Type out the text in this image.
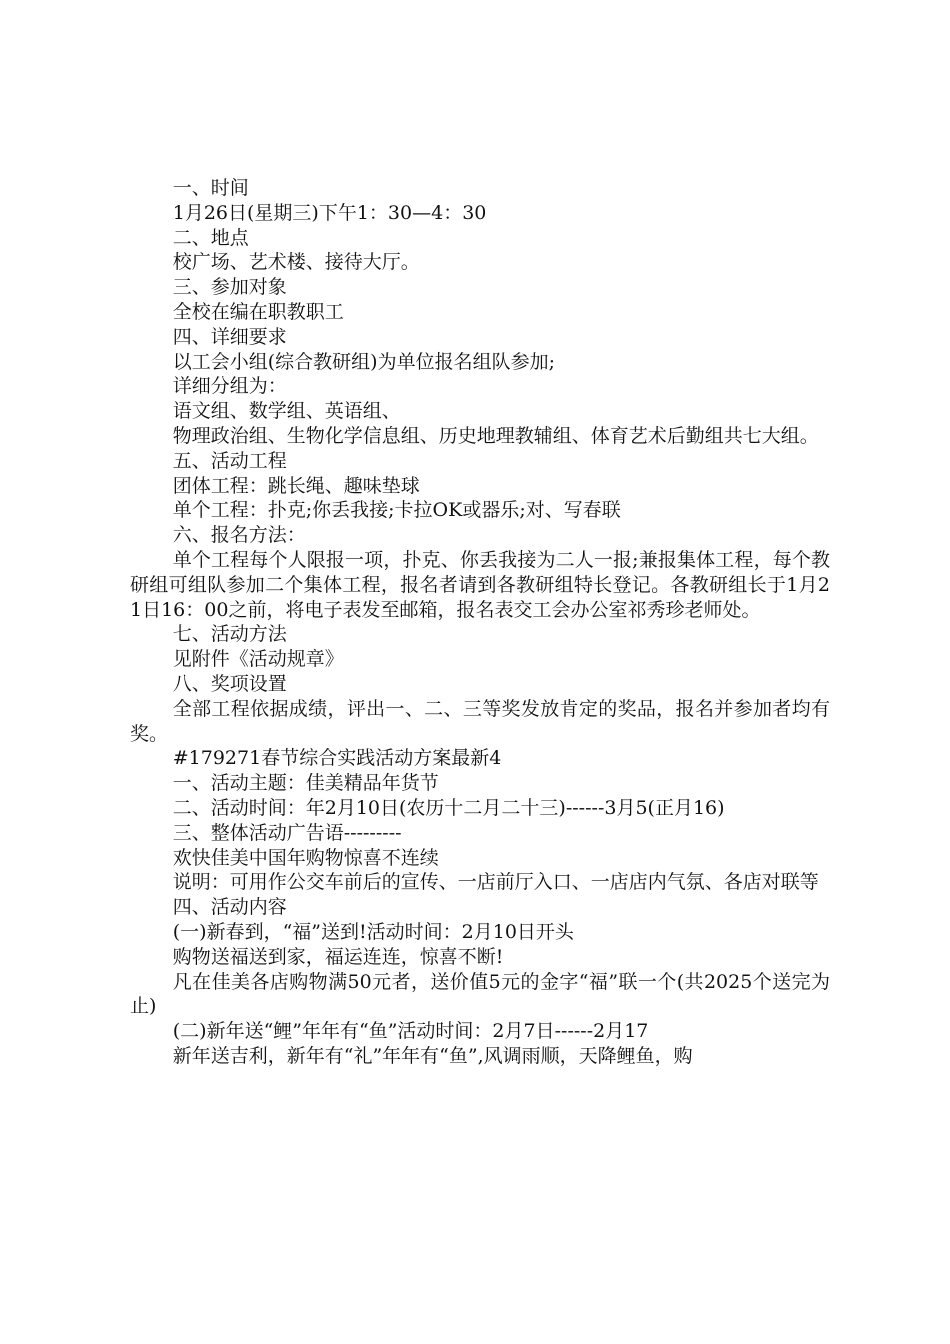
一、时间

1月26日(星期三)下午1：30—4：30

二、地点

校广场、艺术楼、接待大厅。

三、参加对象

全校在编在职教职工

四、详细要求

以工会小组(综合教研组)为单位报名组队参加;

详细分组为：

语文组、数学组、英语组、

物理政治组、生物化学信息组、历史地理教辅组、体育艺术后勤组共七大组。

五、活动工程

团体工程：跳长绳、趣味垫球

单个工程：扑克;你丢我接;卡拉OK或器乐;对、写春联

六、报名方法：

单个工程每个人限报一项，扑克、你丢我接为二人一报;兼报集体工程，每个教研组可组队参加二个集体工程，报名者请到各教研组特长登记。各教研组长于1月21日16：00之前，将电子表发至邮箱，报名表交工会办公室祁秀珍老师处。

七、活动方法

见附件《活动规章》

八、奖项设置

全部工程依据成绩，评出一、二、三等奖发放肯定的奖品，报名并参加者均有奖。

#179271春节综合实践活动方案最新4

一、活动主题：佳美精品年货节

二、活动时间：年2月10日(农历十二月二十三)------3月5(正月16)

三、整体活动广告语---------

欢快佳美中国年购物惊喜不连续

说明：可用作公交车前后的宣传、一店前厅入口、一店店内气氛、各店对联等

四、活动内容

(一)新春到，“福”送到!活动时间：2月10日开头

购物送福送到家，福运连连，惊喜不断!

凡在佳美各店购物满50元者，送价值5元的金字“福”联一个(共2025个送完为止)

(二)新年送“鲤”年年有“鱼”活动时间：2月7日------2月17

新年送吉利，新年有“礼”年年有“鱼”,风调雨顺，天降鲤鱼，购
